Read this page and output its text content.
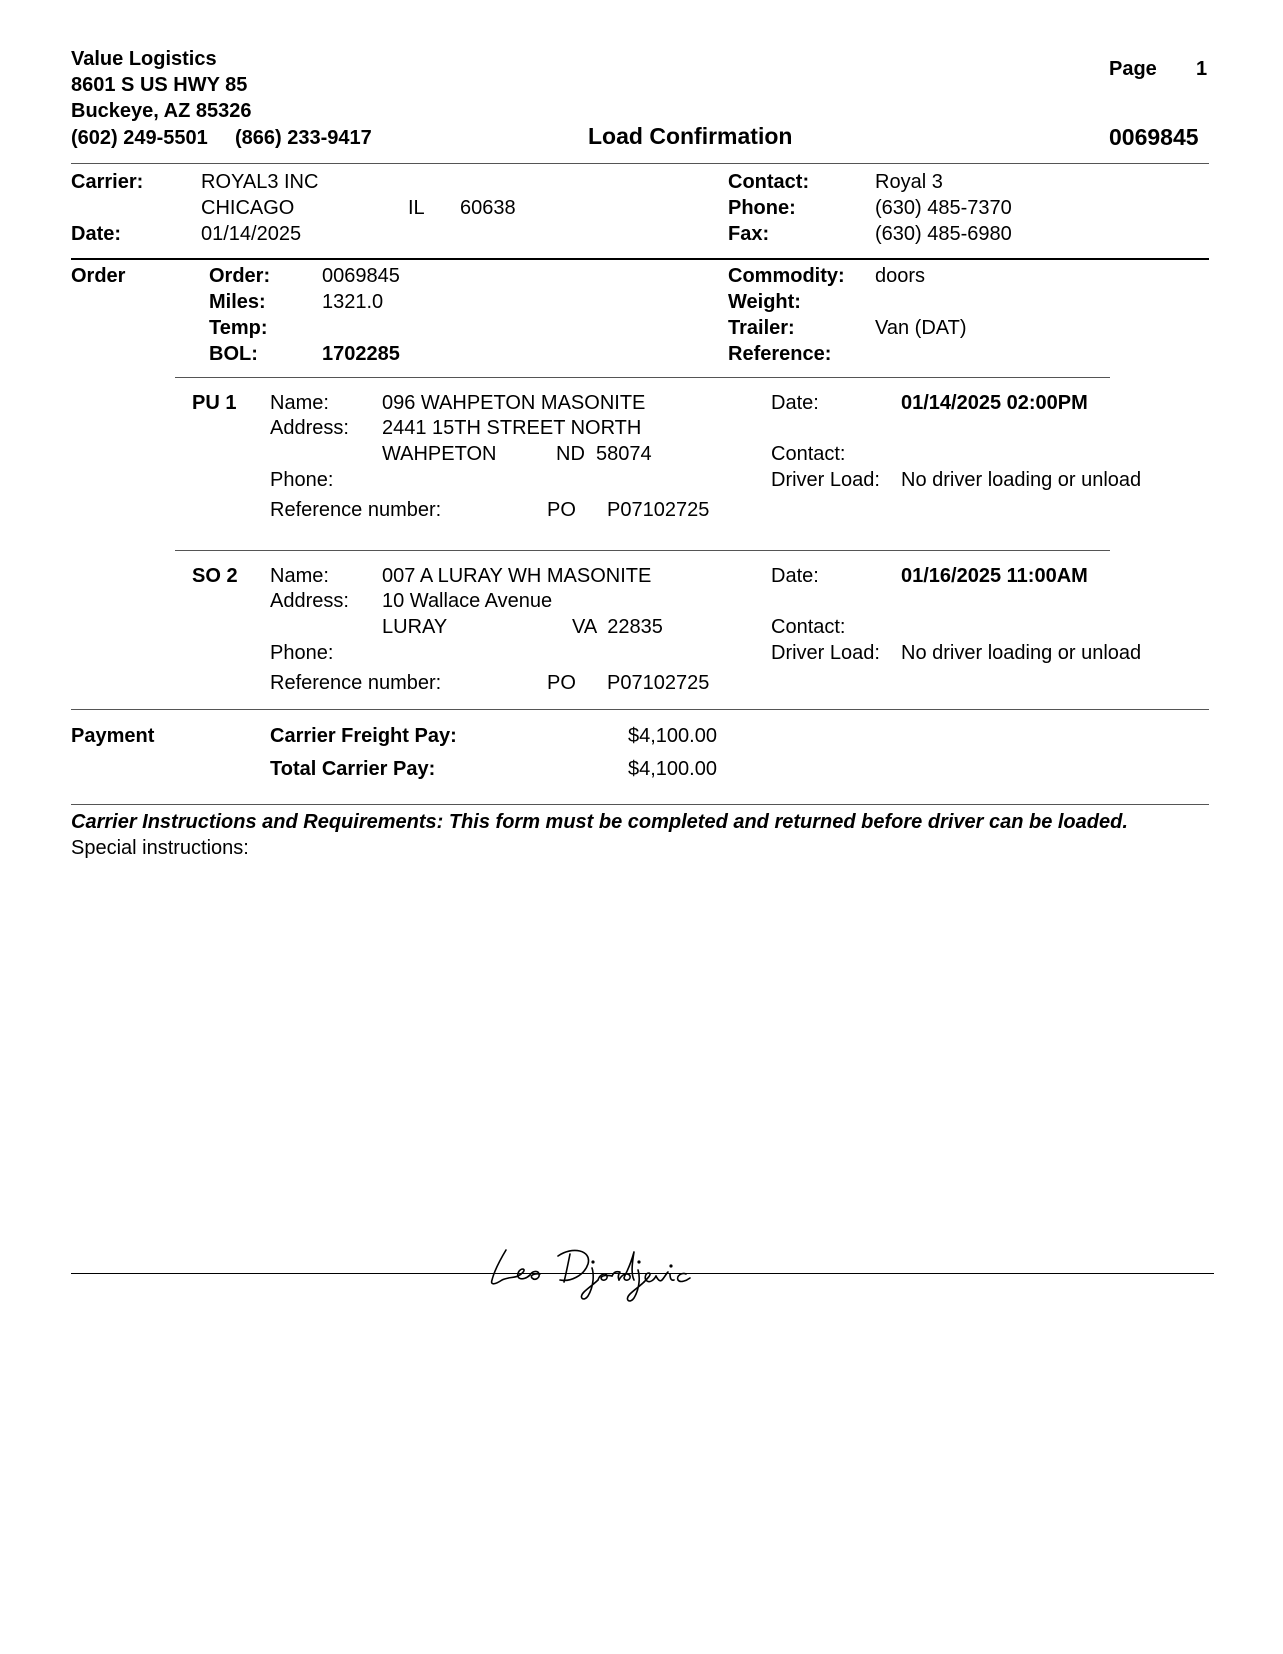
Value Logistics
8601 S US HWY 85
Buckeye, AZ 85326
(602) 249-5501 (866) 233-9417
Page 1
Load Confirmation	0069845
Carrier:	ROYAL3 INC
CHICAGO	IL 60638
Date:	01/14/2025
Contact:	Royal 3
Phone:	(630) 485-7370
Fax:	(630) 485-6980
Order	Order:	0069845
Miles:	1321.0
Temp:
BOL:	1702285
Commodity: doors
Weight:
Trailer:	Van (DAT)
Reference:
PU 1 Name:	096 WAHPETON MASONITE
Address: 2441 15TH STREET NORTH
WAHPETON	ND  58074
Phone:
Reference number:	PO P07102725
Date:	01/14/2025 02:00PM
Contact:
Driver Load: No driver loading or unload
SO 2 Name:	007 A LURAY WH MASONITE
Address: 10 Wallace Avenue
LURAY	VA  22835
Phone:
Reference number:	PO P07102725
Date:	01/16/2025 11:00AM
Contact:
Driver Load: No driver loading or unload
Payment	Carrier Freight Pay:	$4,100.00
Total Carrier Pay:	$4,100.00
Carrier Instructions and Requirements: This form must be completed and returned before driver can be loaded.
Special instructions:
